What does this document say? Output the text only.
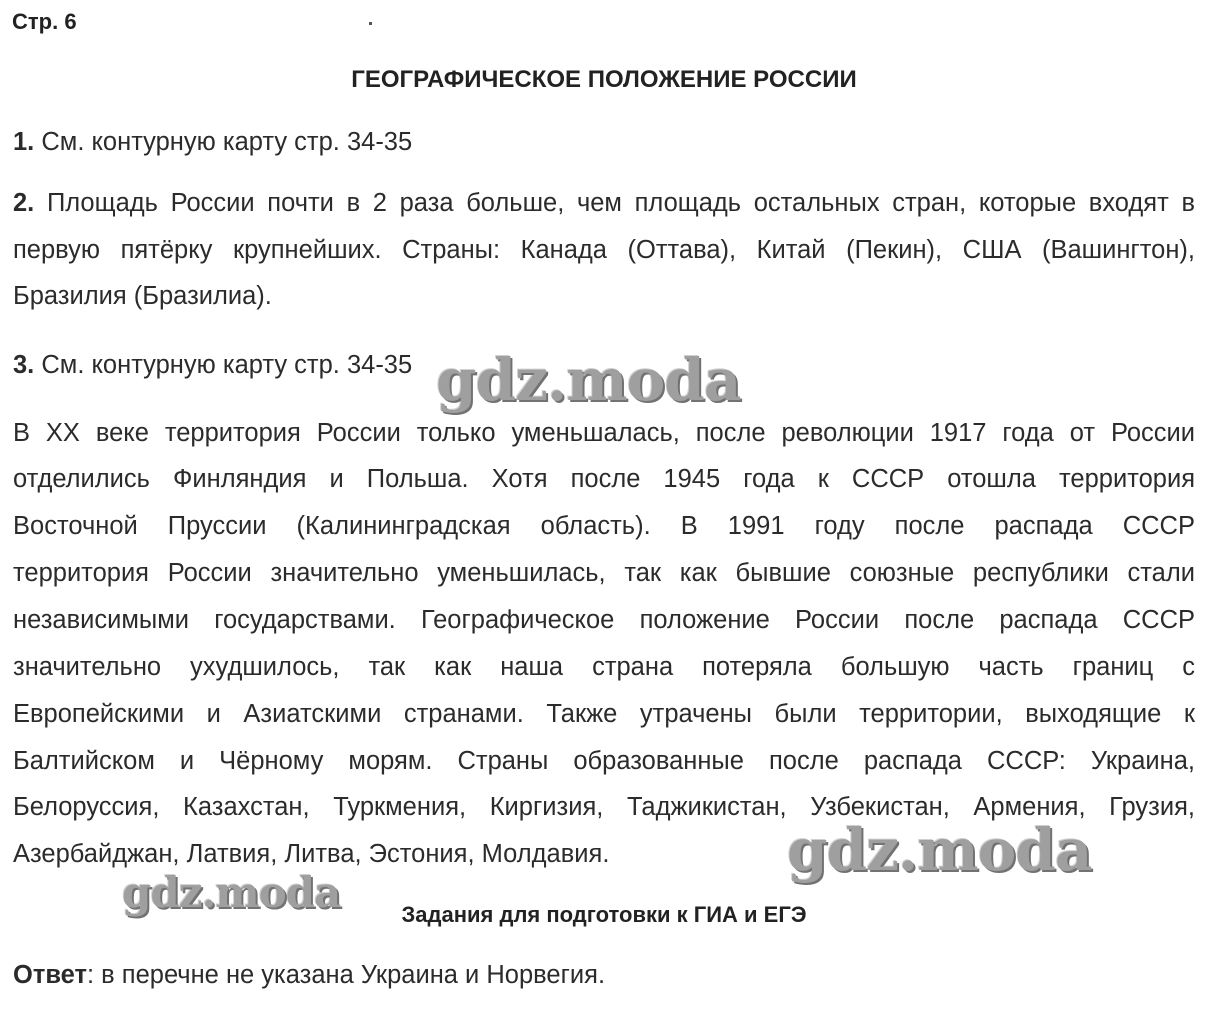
Стр. 6
ГЕОГРАФИЧЕСКОЕ ПОЛОЖЕНИЕ РОССИИ
1. См. контурную карту стр. 34-35
2. Площадь России почти в 2 раза больше, чем площадь остальных стран, которые входят в
первую пятёрку крупнейших. Страны: Канада (Оттава), Китай (Пекин), США (Вашингтон),
Бразилия (Бразилиа).
3. См. контурную карту стр. 34-35
В XX веке территория России только уменьшалась, после революции 1917 года от России
отделились Финляндия и Польша. Хотя после 1945 года к СССР отошла территория
Восточной Пруссии (Калининградская область). В 1991 году после распада СССР
территория России значительно уменьшилась, так как бывшие союзные республики стали
независимыми государствами. Географическое положение России после распада СССР
значительно ухудшилось, так как наша страна потеряла большую часть границ с
Европейскими и Азиатскими странами. Также утрачены были территории, выходящие к
Балтийском и Чёрному морям. Страны образованные после распада СССР: Украина,
Белоруссия, Казахстан, Туркмения, Киргизия, Таджикистан, Узбекистан, Армения, Грузия,
Азербайджан, Латвия, Литва, Эстония, Молдавия.
Задания для подготовки к ГИА и ЕГЭ
Ответ: в перечне не указана Украина и Норвегия.
gdz.moda
gdz.moda
gdz.moda
